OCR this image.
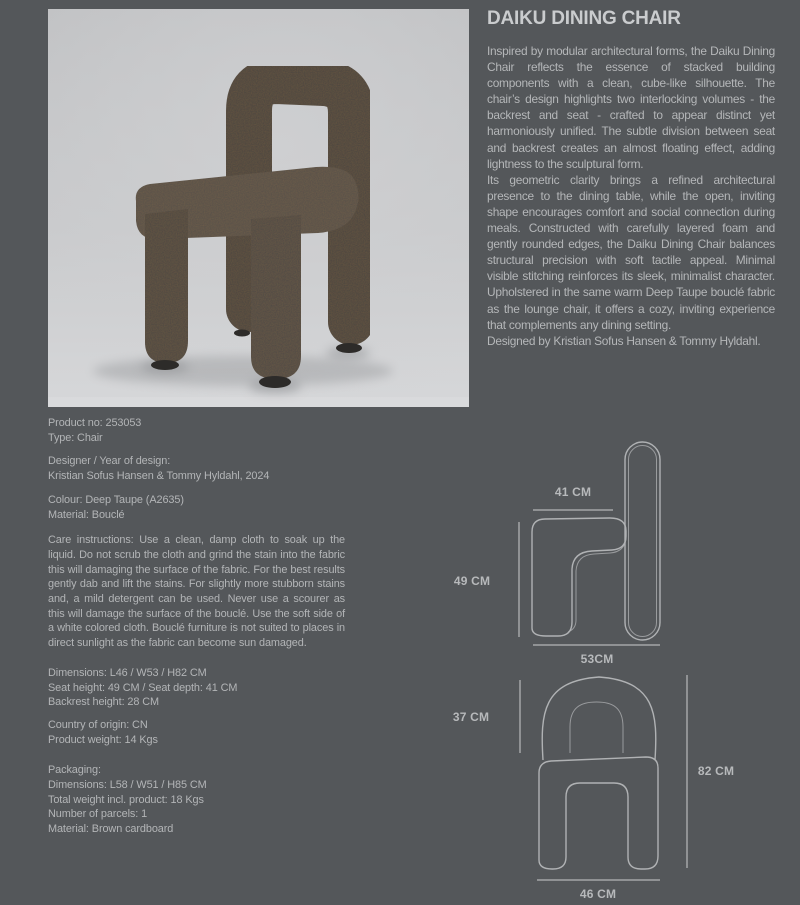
DAIKU DINING CHAIR

Inspired by modular architectural forms, the Daiku Dining Chair reflects the essence of stacked building components with a clean, cube-like silhouette. The chair’s design highlights two interlocking volumes - the backrest and seat - crafted to appear distinct yet harmoniously unified. The subtle division between seat and backrest creates an almost floating effect, adding lightness to the sculptural form.

Its geometric clarity brings a refined architectural presence to the dining table, while the open, inviting shape encourages comfort and social connection during meals. Constructed with carefully layered foam and gently rounded edges, the Daiku Dining Chair balances structural precision with soft tactile appeal. Minimal visible stitching reinforces its sleek, minimalist character. Upholstered in the same warm Deep Taupe bouclé fabric as the lounge chair, it offers a cozy, inviting experience that complements any dining setting.

Designed by Kristian Sofus Hansen & Tommy Hyldahl.

Product no: 253053
Type: Chair
Designer / Year of design:
Kristian Sofus Hansen & Tommy Hyldahl, 2024
Colour: Deep Taupe (A2635)
Material: Bouclé
Care instructions: Use a clean, damp cloth to soak up the liquid. Do not scrub the cloth and grind the stain into the fabric this will damaging the surface of the fabric. For the best results gently dab and lift the stains. For slightly more stubborn stains and, a mild detergent can be used. Never use a scourer as this will damage the surface of the bouclé. Use the soft side of a white colored cloth. Bouclé furniture is not suited to places in direct sunlight as the fabric can become sun damaged.
Dimensions: L46 / W53 / H82 CM
Seat height: 49 CM / Seat depth: 41 CM
Backrest height: 28 CM
Country of origin: CN
Product weight: 14 Kgs
Packaging:
Dimensions: L58 / W51 / H85 CM
Total weight incl. product: 18 Kgs
Number of parcels: 1
Material: Brown cardboard
41 CM
49 CM
53CM
37 CM
82 CM
46 CM
